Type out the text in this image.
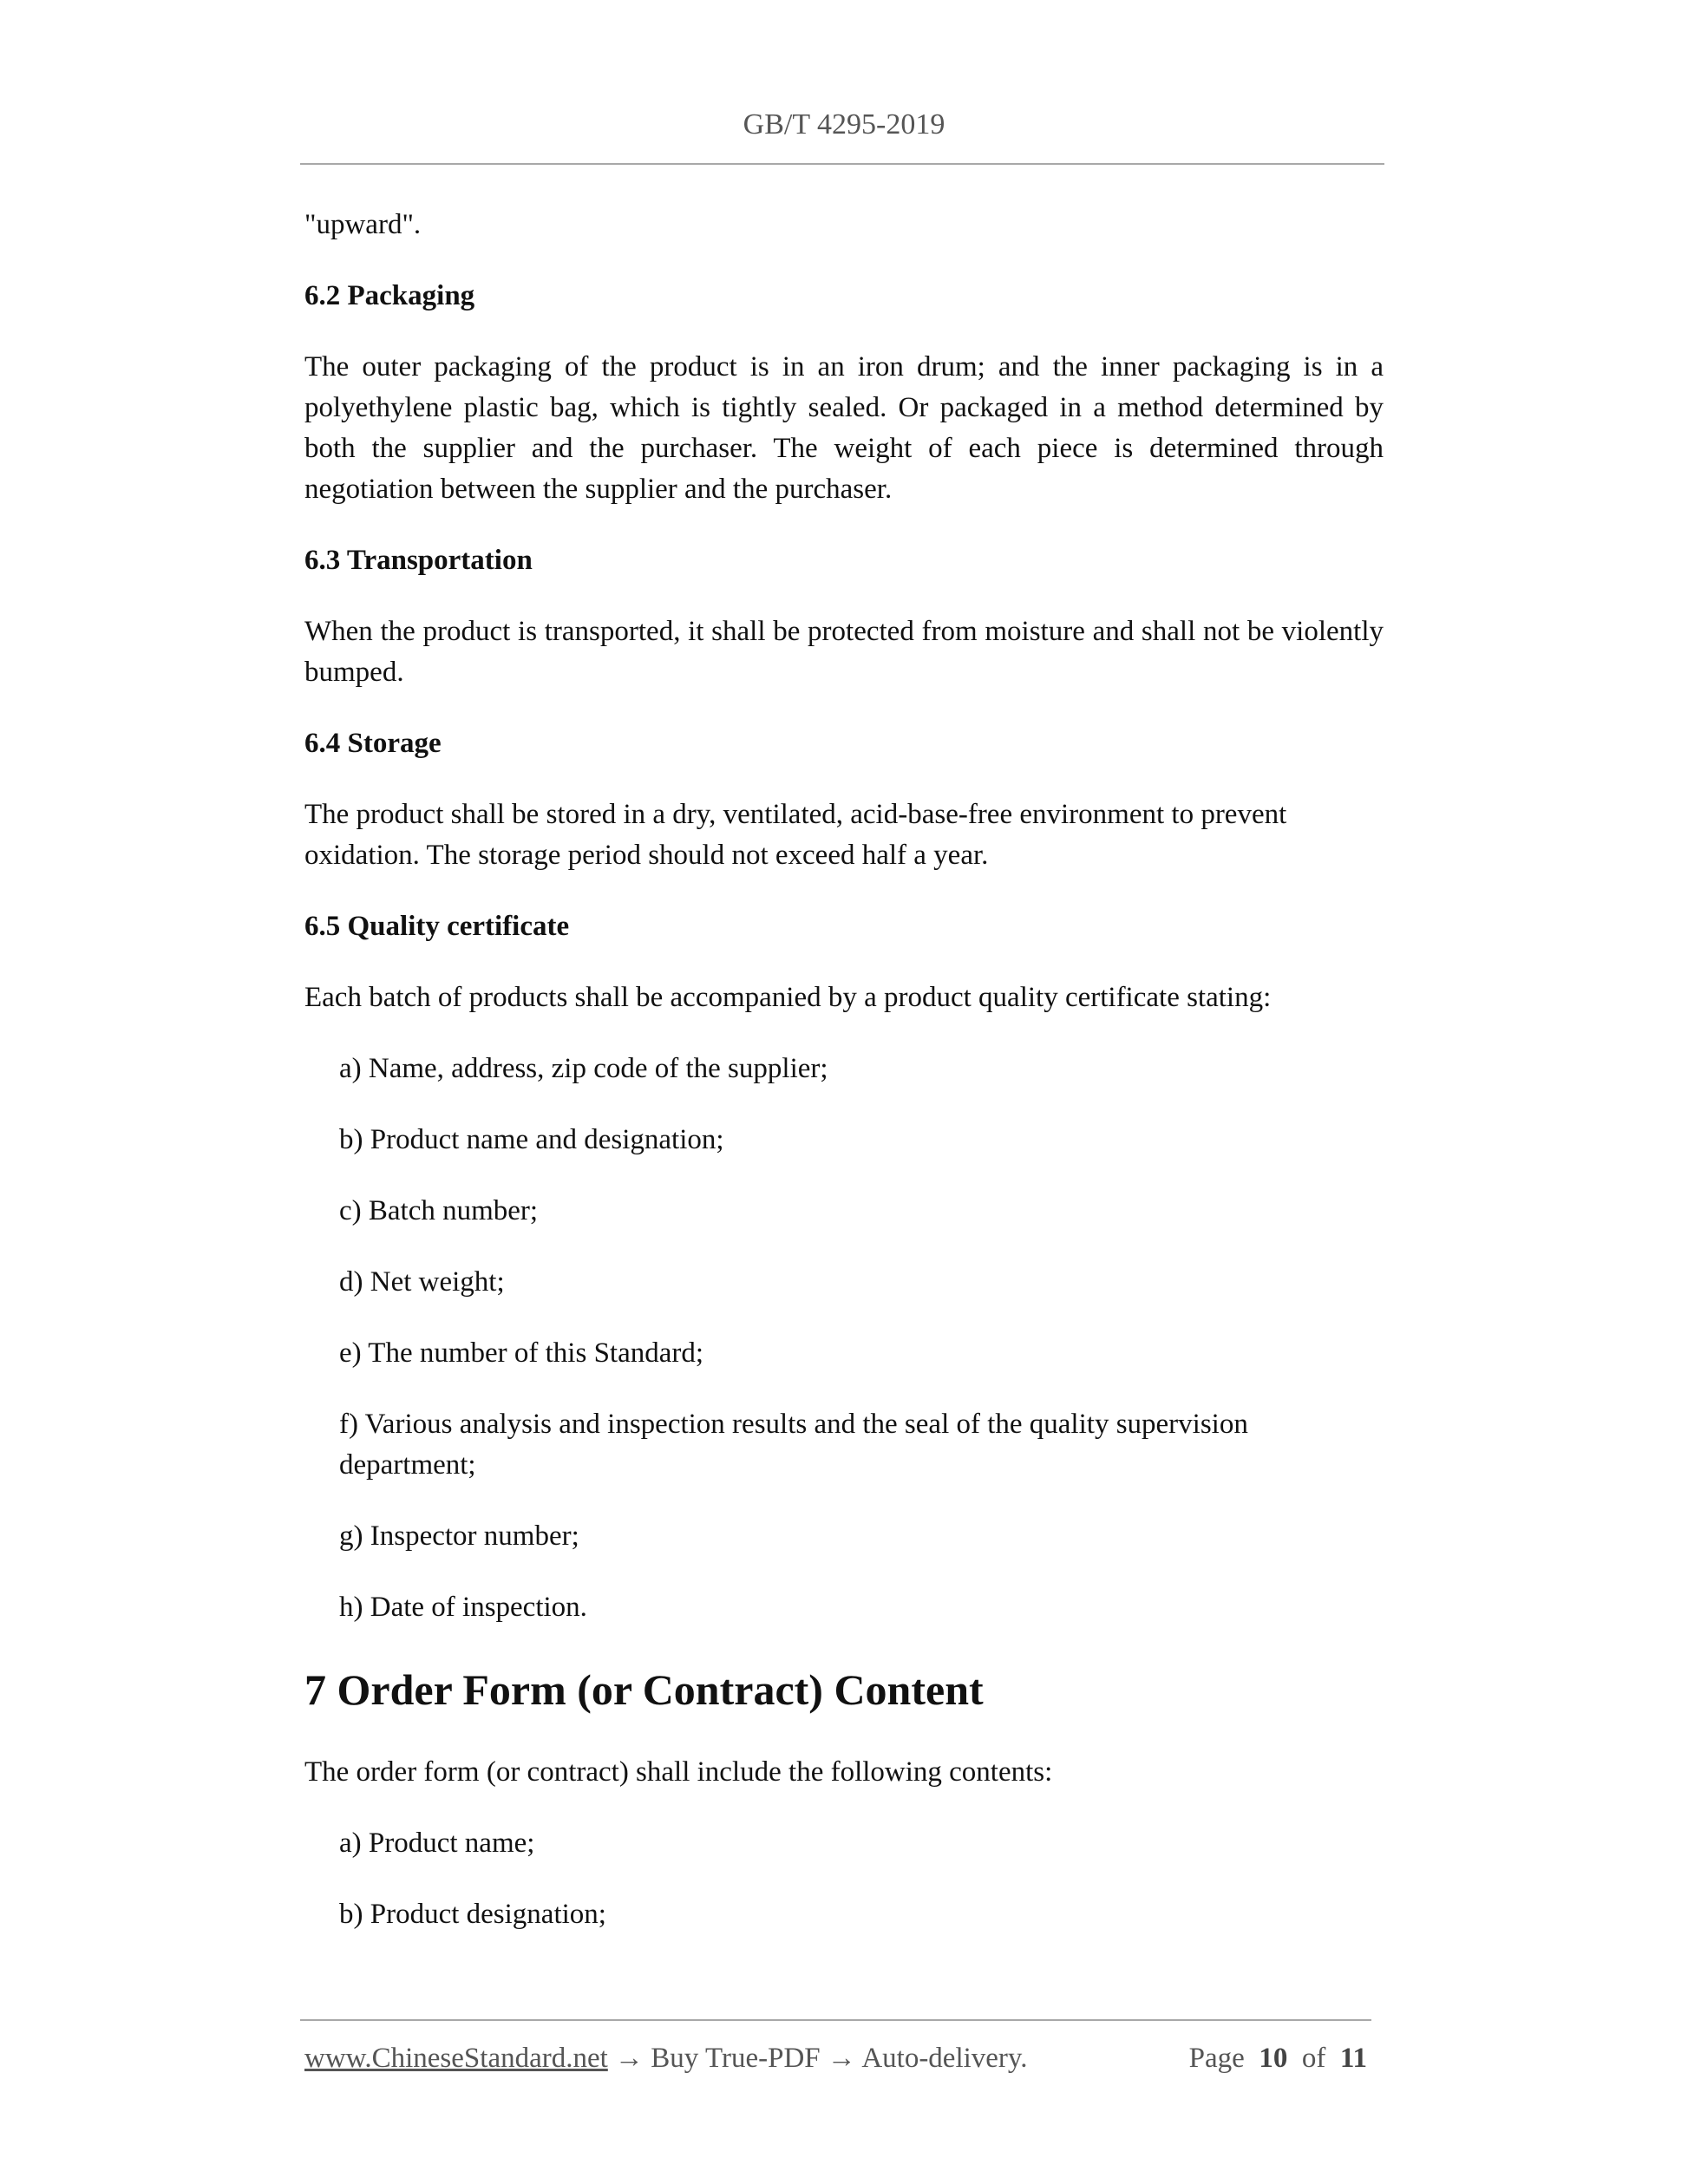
GB/T 4295-2019

"upward".

6.2 Packaging

The outer packaging of the product is in an iron drum; and the inner packaging is in a polyethylene plastic bag, which is tightly sealed. Or packaged in a method determined by both the supplier and the purchaser. The weight of each piece is determined through negotiation between the supplier and the purchaser.

6.3 Transportation

When the product is transported, it shall be protected from moisture and shall not be violently bumped.

6.4 Storage

The product shall be stored in a dry, ventilated, acid-base-free environment to prevent oxidation. The storage period should not exceed half a year.

6.5 Quality certificate

Each batch of products shall be accompanied by a product quality certificate stating:

a) Name, address, zip code of the supplier;

b) Product name and designation;

c) Batch number;

d) Net weight;

e) The number of this Standard;

f) Various analysis and inspection results and the seal of the quality supervision department;

g) Inspector number;

h) Date of inspection.

7 Order Form (or Contract) Content

The order form (or contract) shall include the following contents:

a) Product name;

b) Product designation;

www.ChineseStandard.net → Buy True-PDF → Auto-delivery.	Page 10 of 11
